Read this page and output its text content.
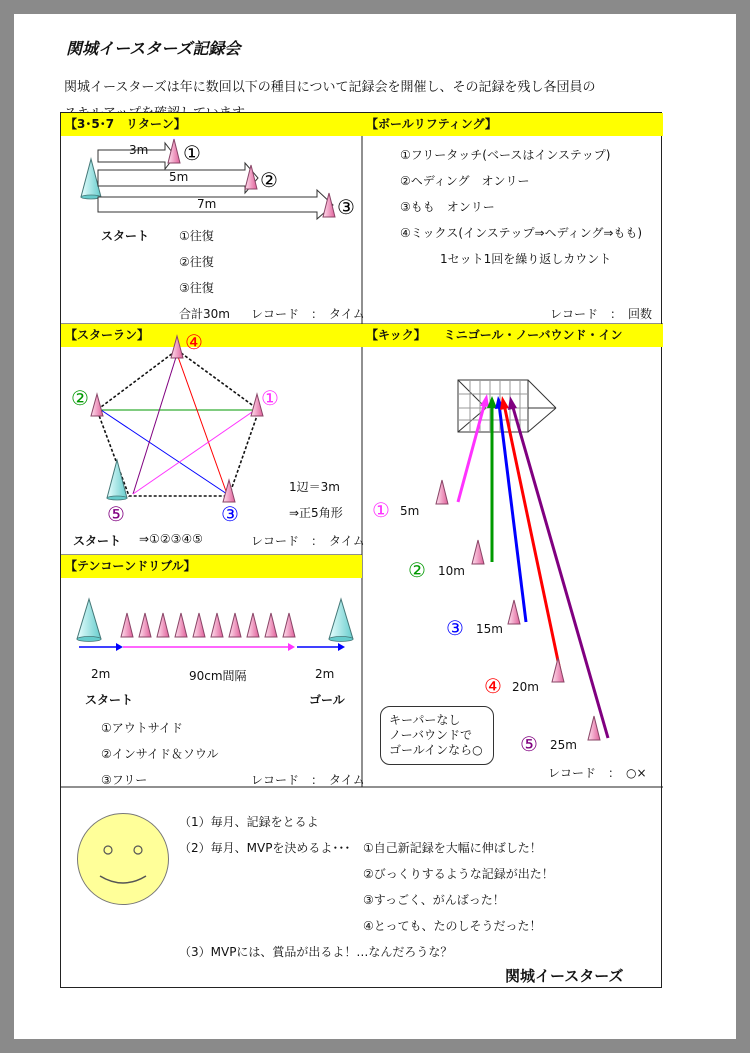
関城イースターズ記録会
関城イースターズは年に数回以下の種目について記録会を開催し、その記録を残し各団員の
【3･5･7　リターン】
3m
5m
7m
①
②
③
スタート ①往復
②往復
③往復
合計30m レコード　：　タイム
【ボールリフティング】
①フリータッチ(ベースはインステップ)
②ヘディング　オンリー
③もも　オンリー
④ミックス(インステップ⇒ヘディング⇒もも)
1セット1回を繰り返しカウント
レコード　：　回数
【スターラン】	④
②	①
⑤	③
1辺＝3m
⇒正5角形
スタート ⇒①②③④⑤	レコード　：　タイム
【キック】　　ミニゴール・ノーバウンド・イン
① 5m
② 10m
③ 15m
④ 20m
⑤ 25m
キーパーなし
ノーバウンドで
ゴールインなら○
レコード　：　○×
【テンコーンドリブル】
2m	90cm間隔	2m
スタート	ゴール
①アウトサイド
②インサイド＆ソウル
③フリー	レコード　：　タイム
（1）毎月、記録をとるよ
（2）毎月、MVPを決めるよ･･･ ①自己新記録を大幅に伸ばした！
②びっくりするような記録が出た！
③すっごく、がんばった！
④とっても、たのしそうだった！
（3）MVPには、賞品が出るよ！…なんだろうな？
関城イースターズ
